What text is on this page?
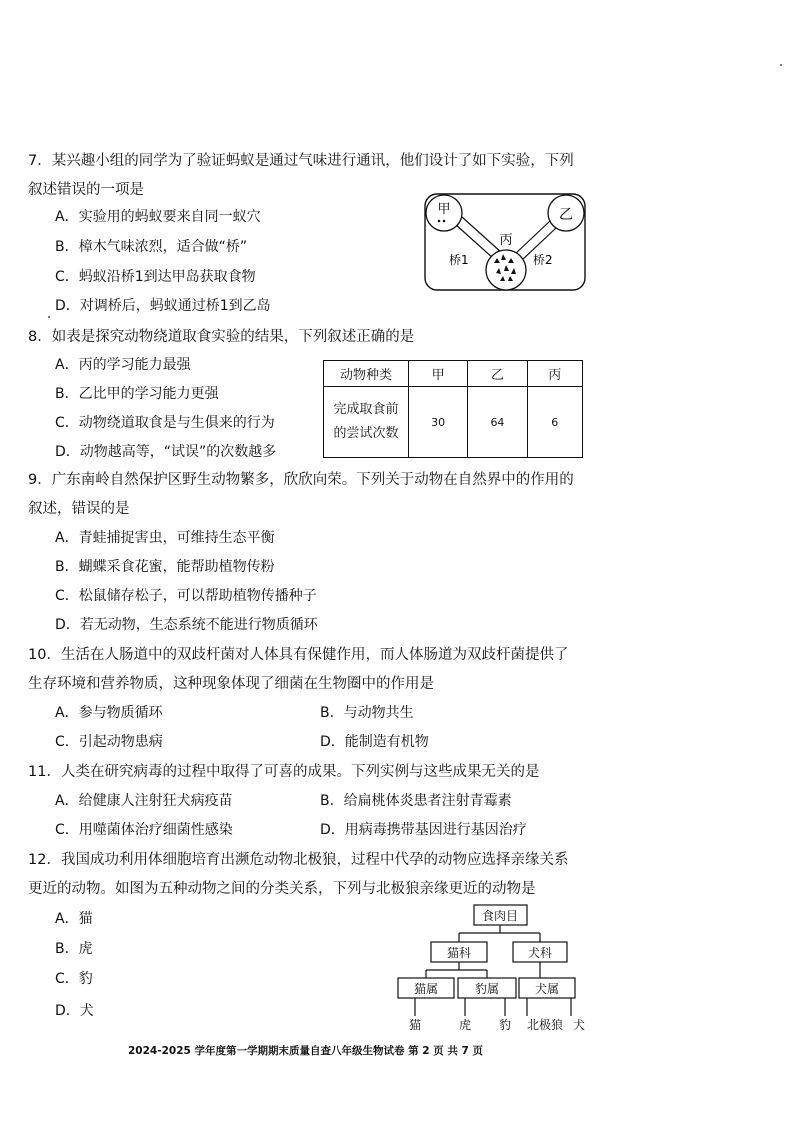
7．某兴趣小组的同学为了验证蚂蚁是通过气味进行通讯，他们设计了如下实验，下列
叙述错误的一项是
A．实验用的蚂蚁要来自同一蚁穴
B．樟木气味浓烈，适合做“桥”
C．蚂蚁沿桥1到达甲岛获取食物
D．对调桥后，蚂蚁通过桥1到乙岛
甲	乙
丙
桥1	桥2
8．如表是探究动物绕道取食实验的结果，下列叙述正确的是
A．丙的学习能力最强
B．乙比甲的学习能力更强
C．动物绕道取食是与生俱来的行为
D．动物越高等，“试误”的次数越多
动物种类	甲	乙	丙

完成取食前
的尝试次数	30	64	6
9．广东南岭自然保护区野生动物繁多，欣欣向荣。下列关于动物在自然界中的作用的
叙述，错误的是
A．青蛙捕捉害虫，可维持生态平衡
B．蝴蝶采食花蜜，能帮助植物传粉
C．松鼠储存松子，可以帮助植物传播种子
D．若无动物，生态系统不能进行物质循环
10．生活在人肠道中的双歧杆菌对人体具有保健作用，而人体肠道为双歧杆菌提供了
生存环境和营养物质，这种现象体现了细菌在生物圈中的作用是
A．参与物质循环	B．与动物共生
C．引起动物患病	D．能制造有机物
11．人类在研究病毒的过程中取得了可喜的成果。下列实例与这些成果无关的是
A．给健康人注射狂犬病疫苗	B．给扁桃体炎患者注射青霉素
C．用噬菌体治疗细菌性感染	D．用病毒携带基因进行基因治疗
12．我国成功利用体细胞培育出濒危动物北极狼，过程中代孕的动物应选择亲缘关系
更近的动物。如图为五种动物之间的分类关系，下列与北极狼亲缘更近的动物是
A．猫
B．虎
C．豹
D．犬
食肉目
猫科	犬科
猫属	豹属	犬属
猫	虎 豹 北极狼 犬
2024-2025 学年度第一学期期末质量自查八年级生物试卷 第 2 页 共 7 页
